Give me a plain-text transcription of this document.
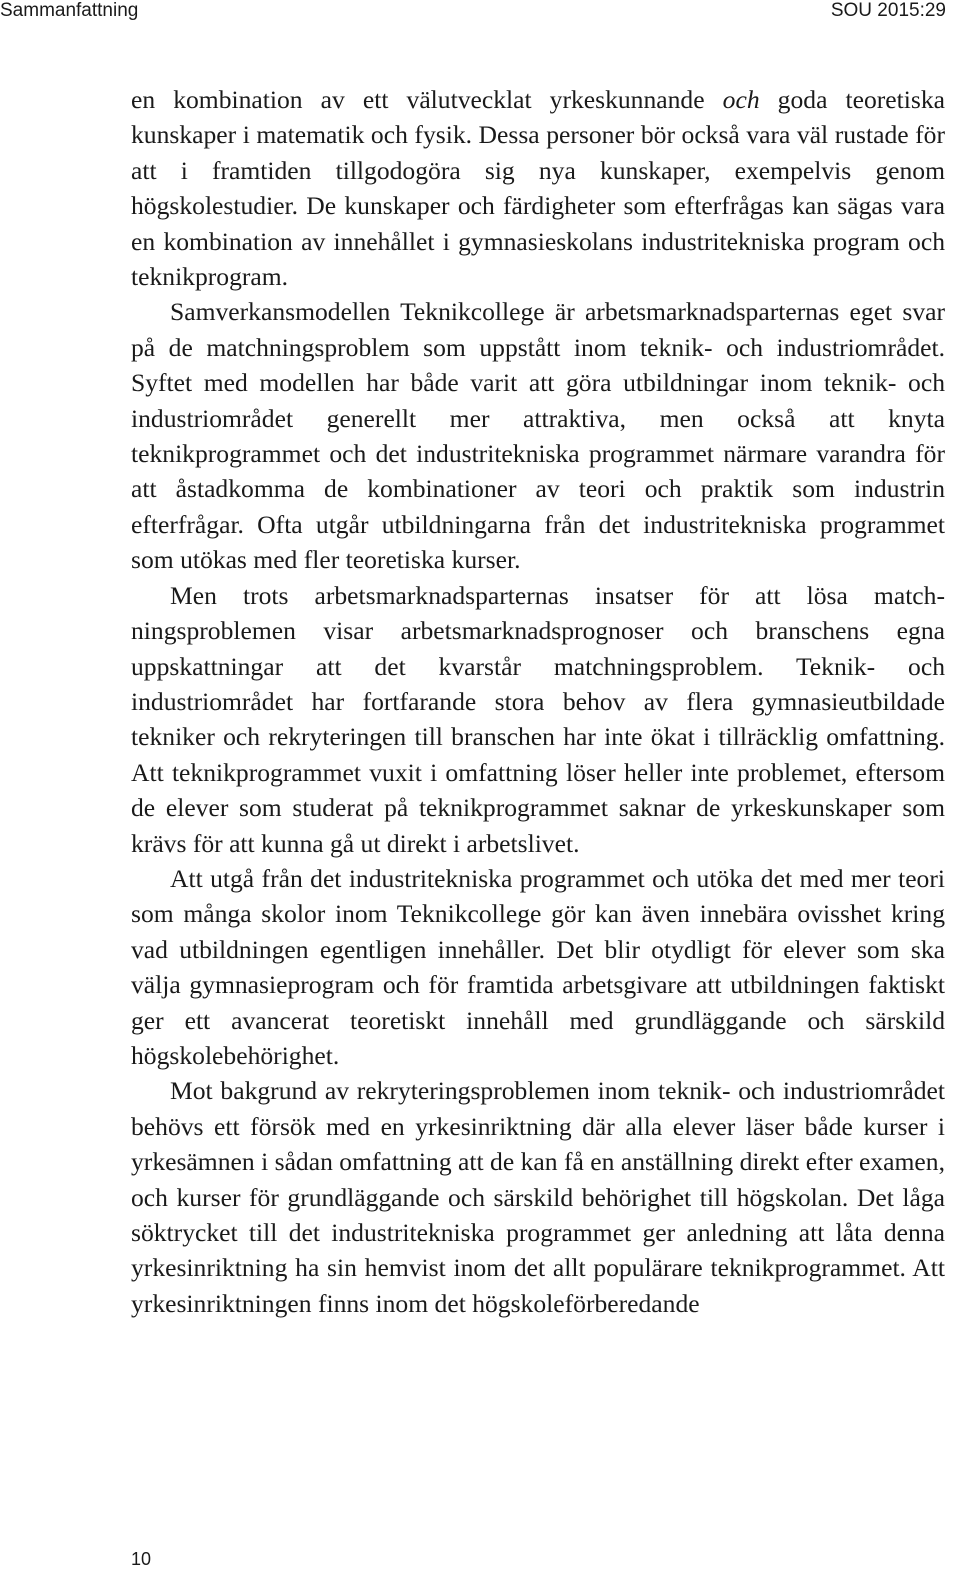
Sammanfattning	SOU 2015:29

en kombination av ett välutvecklat yrkeskunnande och goda teoretiska kunskaper i matematik och fysik. Dessa personer bör också vara väl rustade för att i framtiden tillgodogöra sig nya kunskaper, exempelvis genom högskolestudier. De kunskaper och färdigheter som efterfrågas kan sägas vara en kombination av innehållet i gymnasieskolans industritekniska program och teknikprogram.

Samverkansmodellen Teknikcollege är arbetsmarknadsparternas eget svar på de matchningsproblem som uppstått inom teknik- och industriområdet. Syftet med modellen har både varit att göra utbildningar inom teknik- och industriområdet generellt mer attraktiva, men också att knyta teknikprogrammet och det industritekniska programmet närmare varandra för att åstadkomma de kombinationer av teori och praktik som industrin efterfrågar. Ofta utgår utbildningarna från det industritekniska programmet som utökas med fler teoretiska kurser.

Men trots arbetsmarknadsparternas insatser för att lösa matchningsproblemen visar arbetsmarknadsprognoser och branschens egna uppskattningar att det kvarstår matchningsproblem. Teknik- och industriområdet har fortfarande stora behov av flera gymnasieutbildade tekniker och rekryteringen till branschen har inte ökat i tillräcklig omfattning. Att teknikprogrammet vuxit i omfattning löser heller inte problemet, eftersom de elever som studerat på teknikprogrammet saknar de yrkeskunskaper som krävs för att kunna gå ut direkt i arbetslivet.

Att utgå från det industritekniska programmet och utöka det med mer teori som många skolor inom Teknikcollege gör kan även innebära ovisshet kring vad utbildningen egentligen innehåller. Det blir otydligt för elever som ska välja gymnasieprogram och för framtida arbetsgivare att utbildningen faktiskt ger ett avancerat teoretiskt innehåll med grundläggande och särskild högskolebehörighet.

Mot bakgrund av rekryteringsproblemen inom teknik- och industriområdet behövs ett försök med en yrkesinriktning där alla elever läser både kurser i yrkesämnen i sådan omfattning att de kan få en anställning direkt efter examen, och kurser för grundläggande och särskild behörighet till högskolan. Det låga söktrycket till det industritekniska programmet ger anledning att låta denna yrkesinriktning ha sin hemvist inom det allt populärare teknikprogrammet. Att yrkesinriktningen finns inom det högskoleförberedande

10
